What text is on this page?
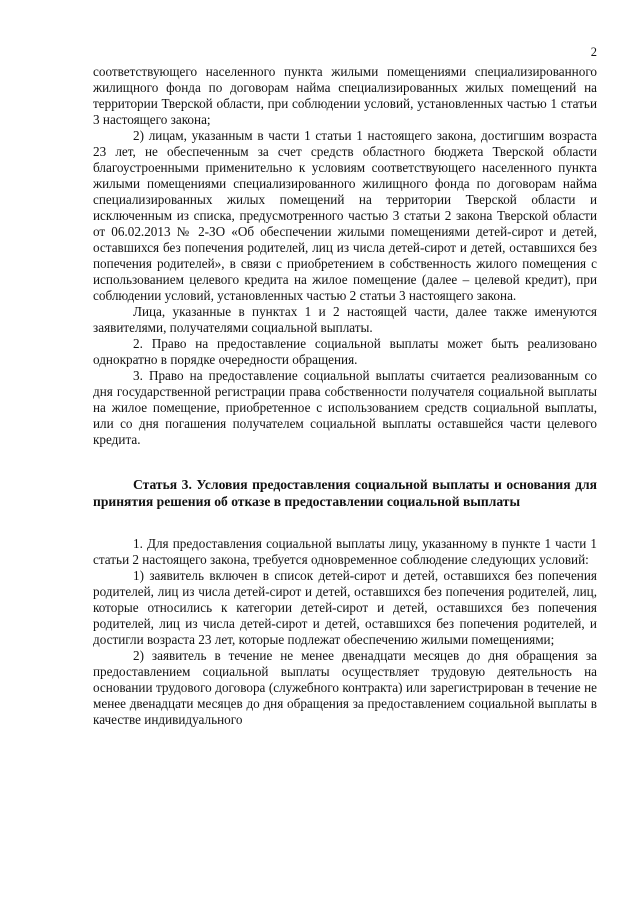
2

соответствующего населенного пункта жилыми помещениями специализированного жилищного фонда по договорам найма специализированных жилых помещений на территории Тверской области, при соблюдении условий, установленных частью 1 статьи 3 настоящего закона;

2) лицам, указанным в части 1 статьи 1 настоящего закона, достигшим возраста 23 лет, не обеспеченным за счет средств областного бюджета Тверской области благоустроенными применительно к условиям соответствующего населенного пункта жилыми помещениями специализированного жилищного фонда по договорам найма специализированных жилых помещений на территории Тверской области и исключенным из списка, предусмотренного частью 3 статьи 2 закона Тверской области от 06.02.2013 № 2-ЗО «Об обеспечении жилыми помещениями детей-сирот и детей, оставшихся без попечения родителей, лиц из числа детей-сирот и детей, оставшихся без попечения родителей», в связи с приобретением в собственность жилого помещения с использованием целевого кредита на жилое помещение (далее – целевой кредит), при соблюдении условий, установленных частью 2 статьи 3 настоящего закона.

Лица, указанные в пунктах 1 и 2 настоящей части, далее также именуются заявителями, получателями социальной выплаты.

2. Право на предоставление социальной выплаты может быть реализовано однократно в порядке очередности обращения.

3. Право на предоставление социальной выплаты считается реализованным со дня государственной регистрации права собственности получателя социальной выплаты на жилое помещение, приобретенное с использованием средств социальной выплаты, или со дня погашения получателем социальной выплаты оставшейся части целевого кредита.

Статья 3. Условия предоставления социальной выплаты и основания для принятия решения об отказе в предоставлении социальной выплаты

1. Для предоставления социальной выплаты лицу, указанному в пункте 1 части 1 статьи 2 настоящего закона, требуется одновременное соблюдение следующих условий:

1) заявитель включен в список детей-сирот и детей, оставшихся без попечения родителей, лиц из числа детей-сирот и детей, оставшихся без попечения родителей, лиц, которые относились к категории детей-сирот и детей, оставшихся без попечения родителей, лиц из числа детей-сирот и детей, оставшихся без попечения родителей, и достигли возраста 23 лет, которые подлежат обеспечению жилыми помещениями;

2) заявитель в течение не менее двенадцати месяцев до дня обращения за предоставлением социальной выплаты осуществляет трудовую деятельность на основании трудового договора (служебного контракта) или зарегистрирован в течение не менее двенадцати месяцев до дня обращения за предоставлением социальной выплаты в качестве индивидуального
